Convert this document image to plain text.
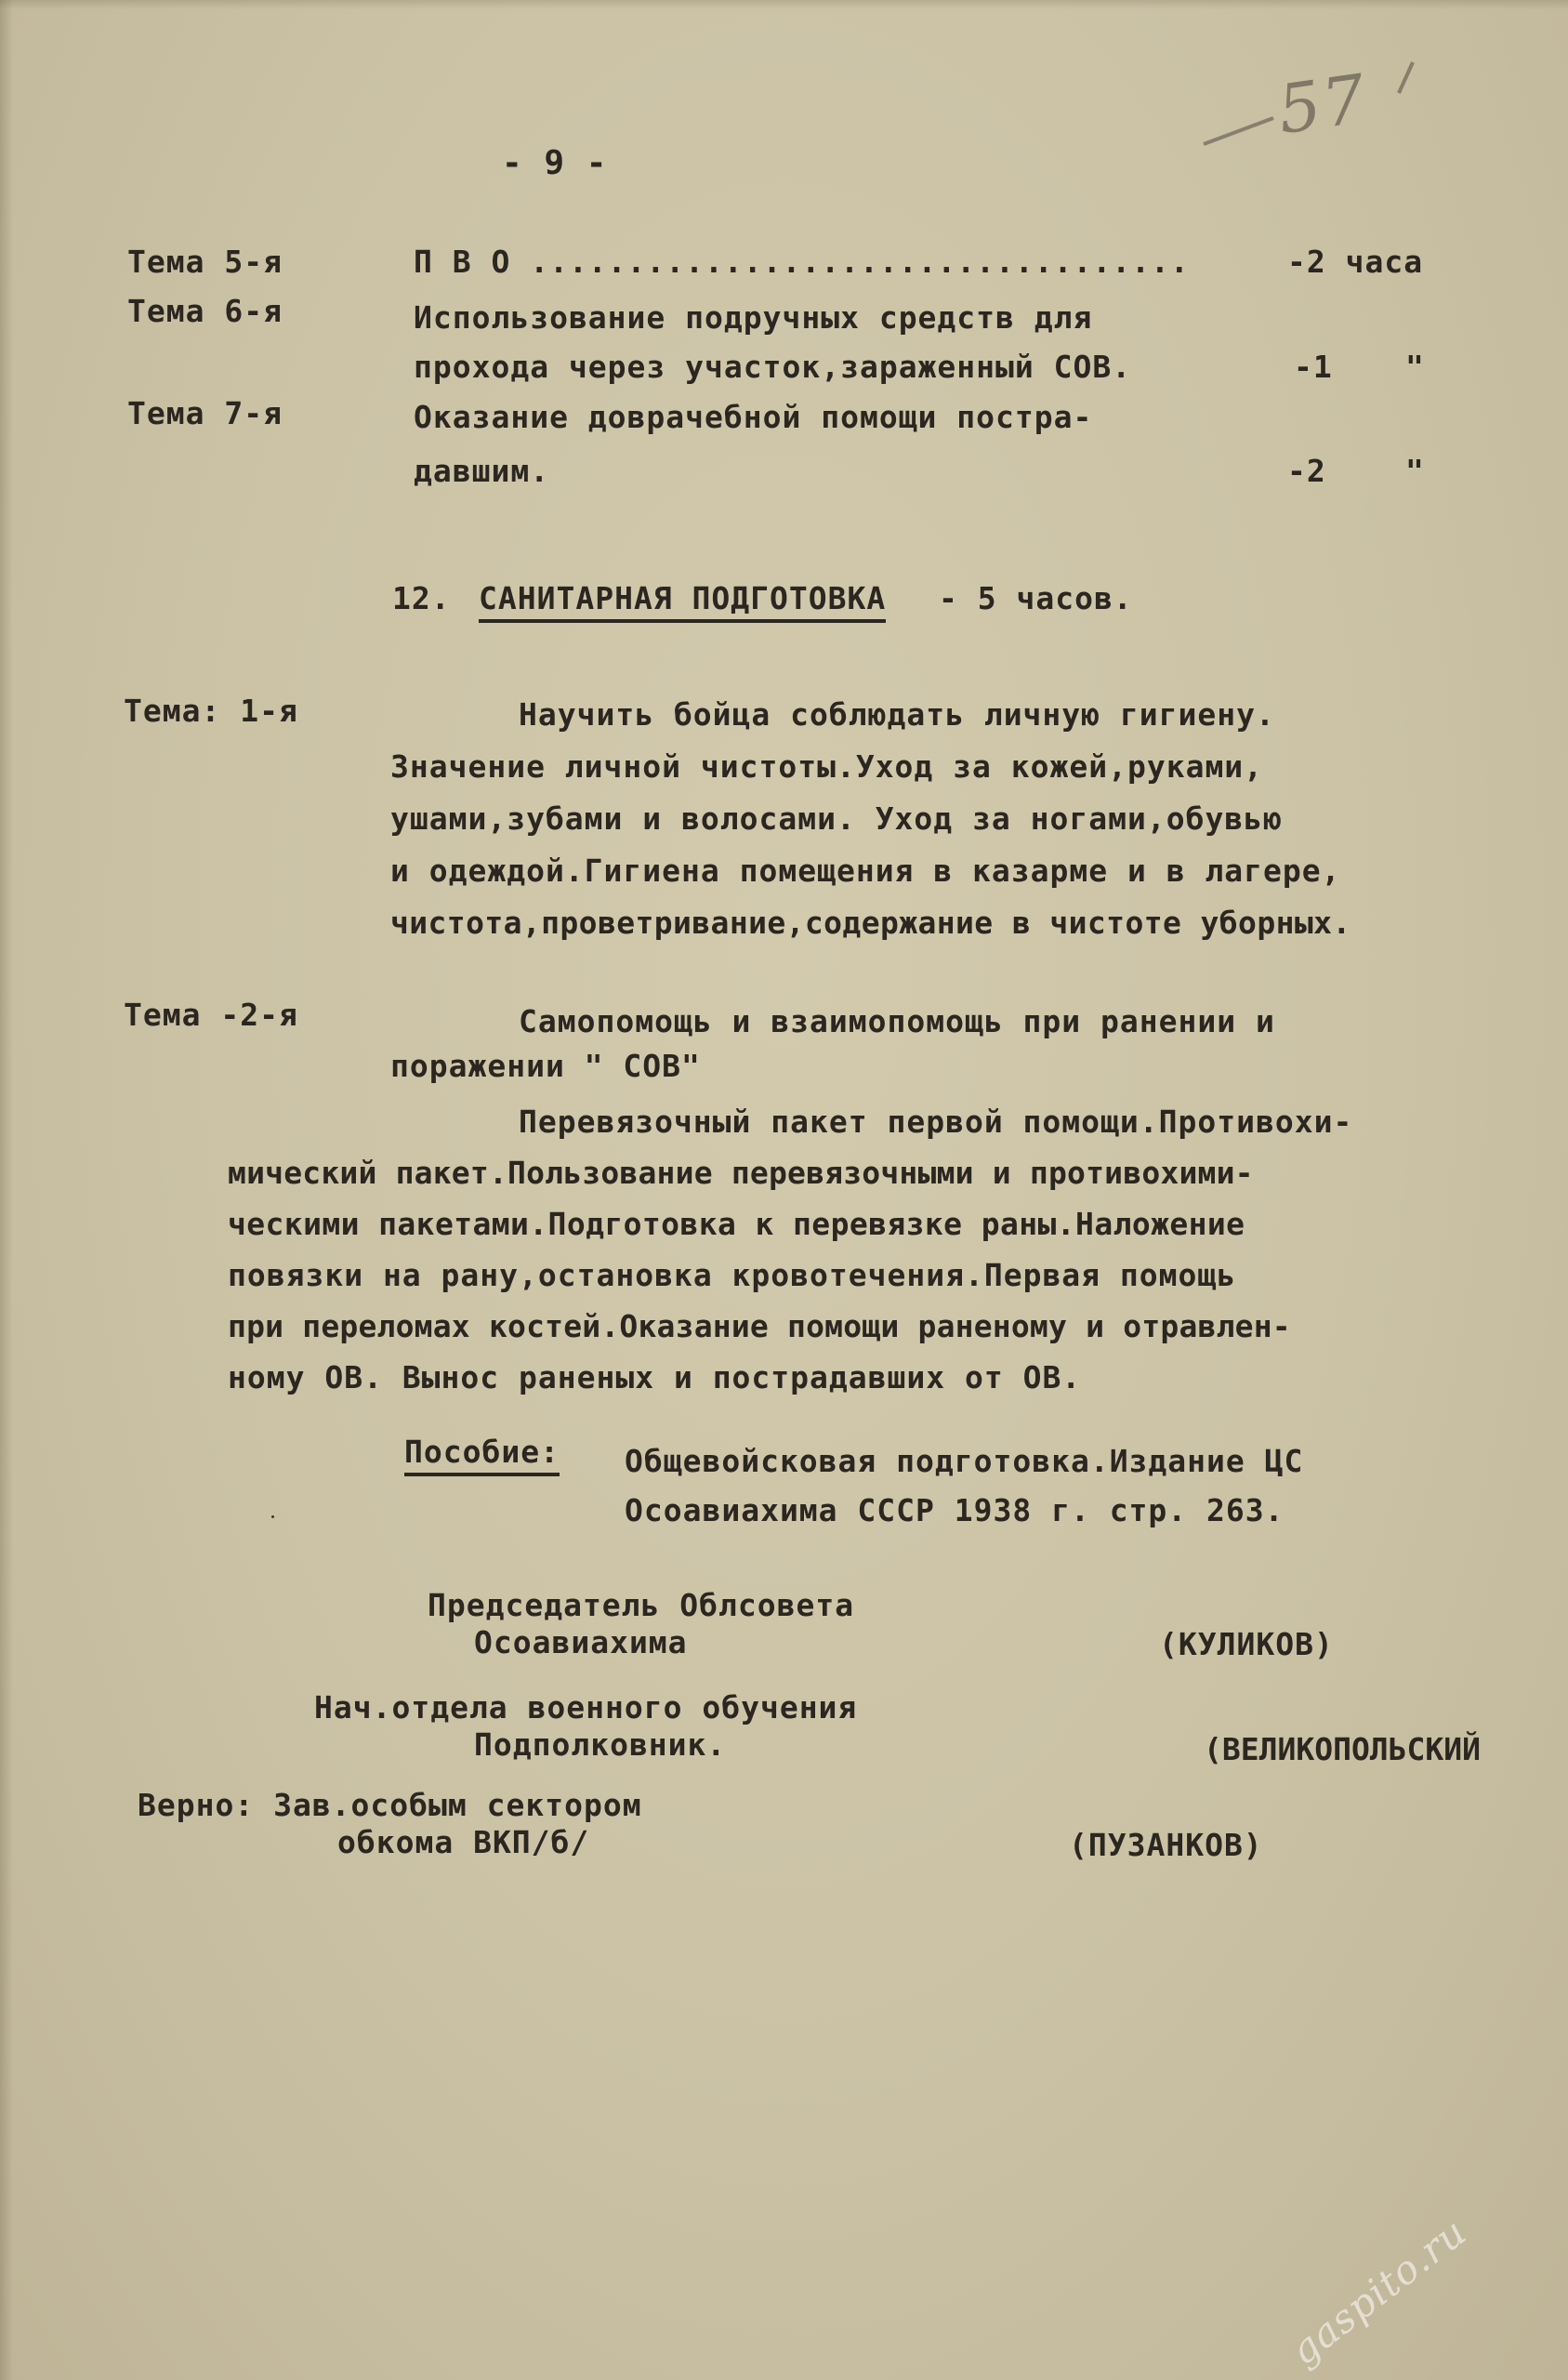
57
- 9 -
Тема 5-я	П В О ..................................	-2 часа
Тема 6-я	Использование подручных средств для
прохода через участок,зараженный СОВ.	-1 "
Тема 7-я	Оказание доврачебной помощи постра-
давшим.	-2	"
12. САНИТАРНАЯ ПОДГОТОВКА - 5 часов.
Тема: 1-я	Научить бойца соблюдать личную гигиену.
Значение личной чистоты.Уход за кожей,руками,
ушами,зубами и волосами. Уход за ногами,обувью
и одеждой.Гигиена помещения в казарме и в лагере,
чистота,проветривание,содержание в чистоте уборных.
Тема -2-я	Самопомощь и взаимопомощь при ранении и
поражении " СОВ"
Перевязочный пакет первой помощи.Противохи-
мический пакет.Пользование перевязочными и противохими-
ческими пакетами.Подготовка к перевязке раны.Наложение
повязки на рану,остановка кровотечения.Первая помощь
при переломах костей.Оказание помощи раненому и отравлен-
ному ОВ. Вынос раненых и пострадавших от ОВ.
Пособие: Общевойсковая подготовка.Издание ЦС
Осоавиахима СССР 1938 г. стр. 263.
Председатель Облсовета
Осоавиахима	(КУЛИКОВ)
Нач.отдела военного обучения
Подполковник.	(ВЕЛИКОПОЛЬСКИЙ
Верно: Зав.особым сектором
обкома ВКП/б/	(ПУЗАНКОВ)
gaspito.ru
